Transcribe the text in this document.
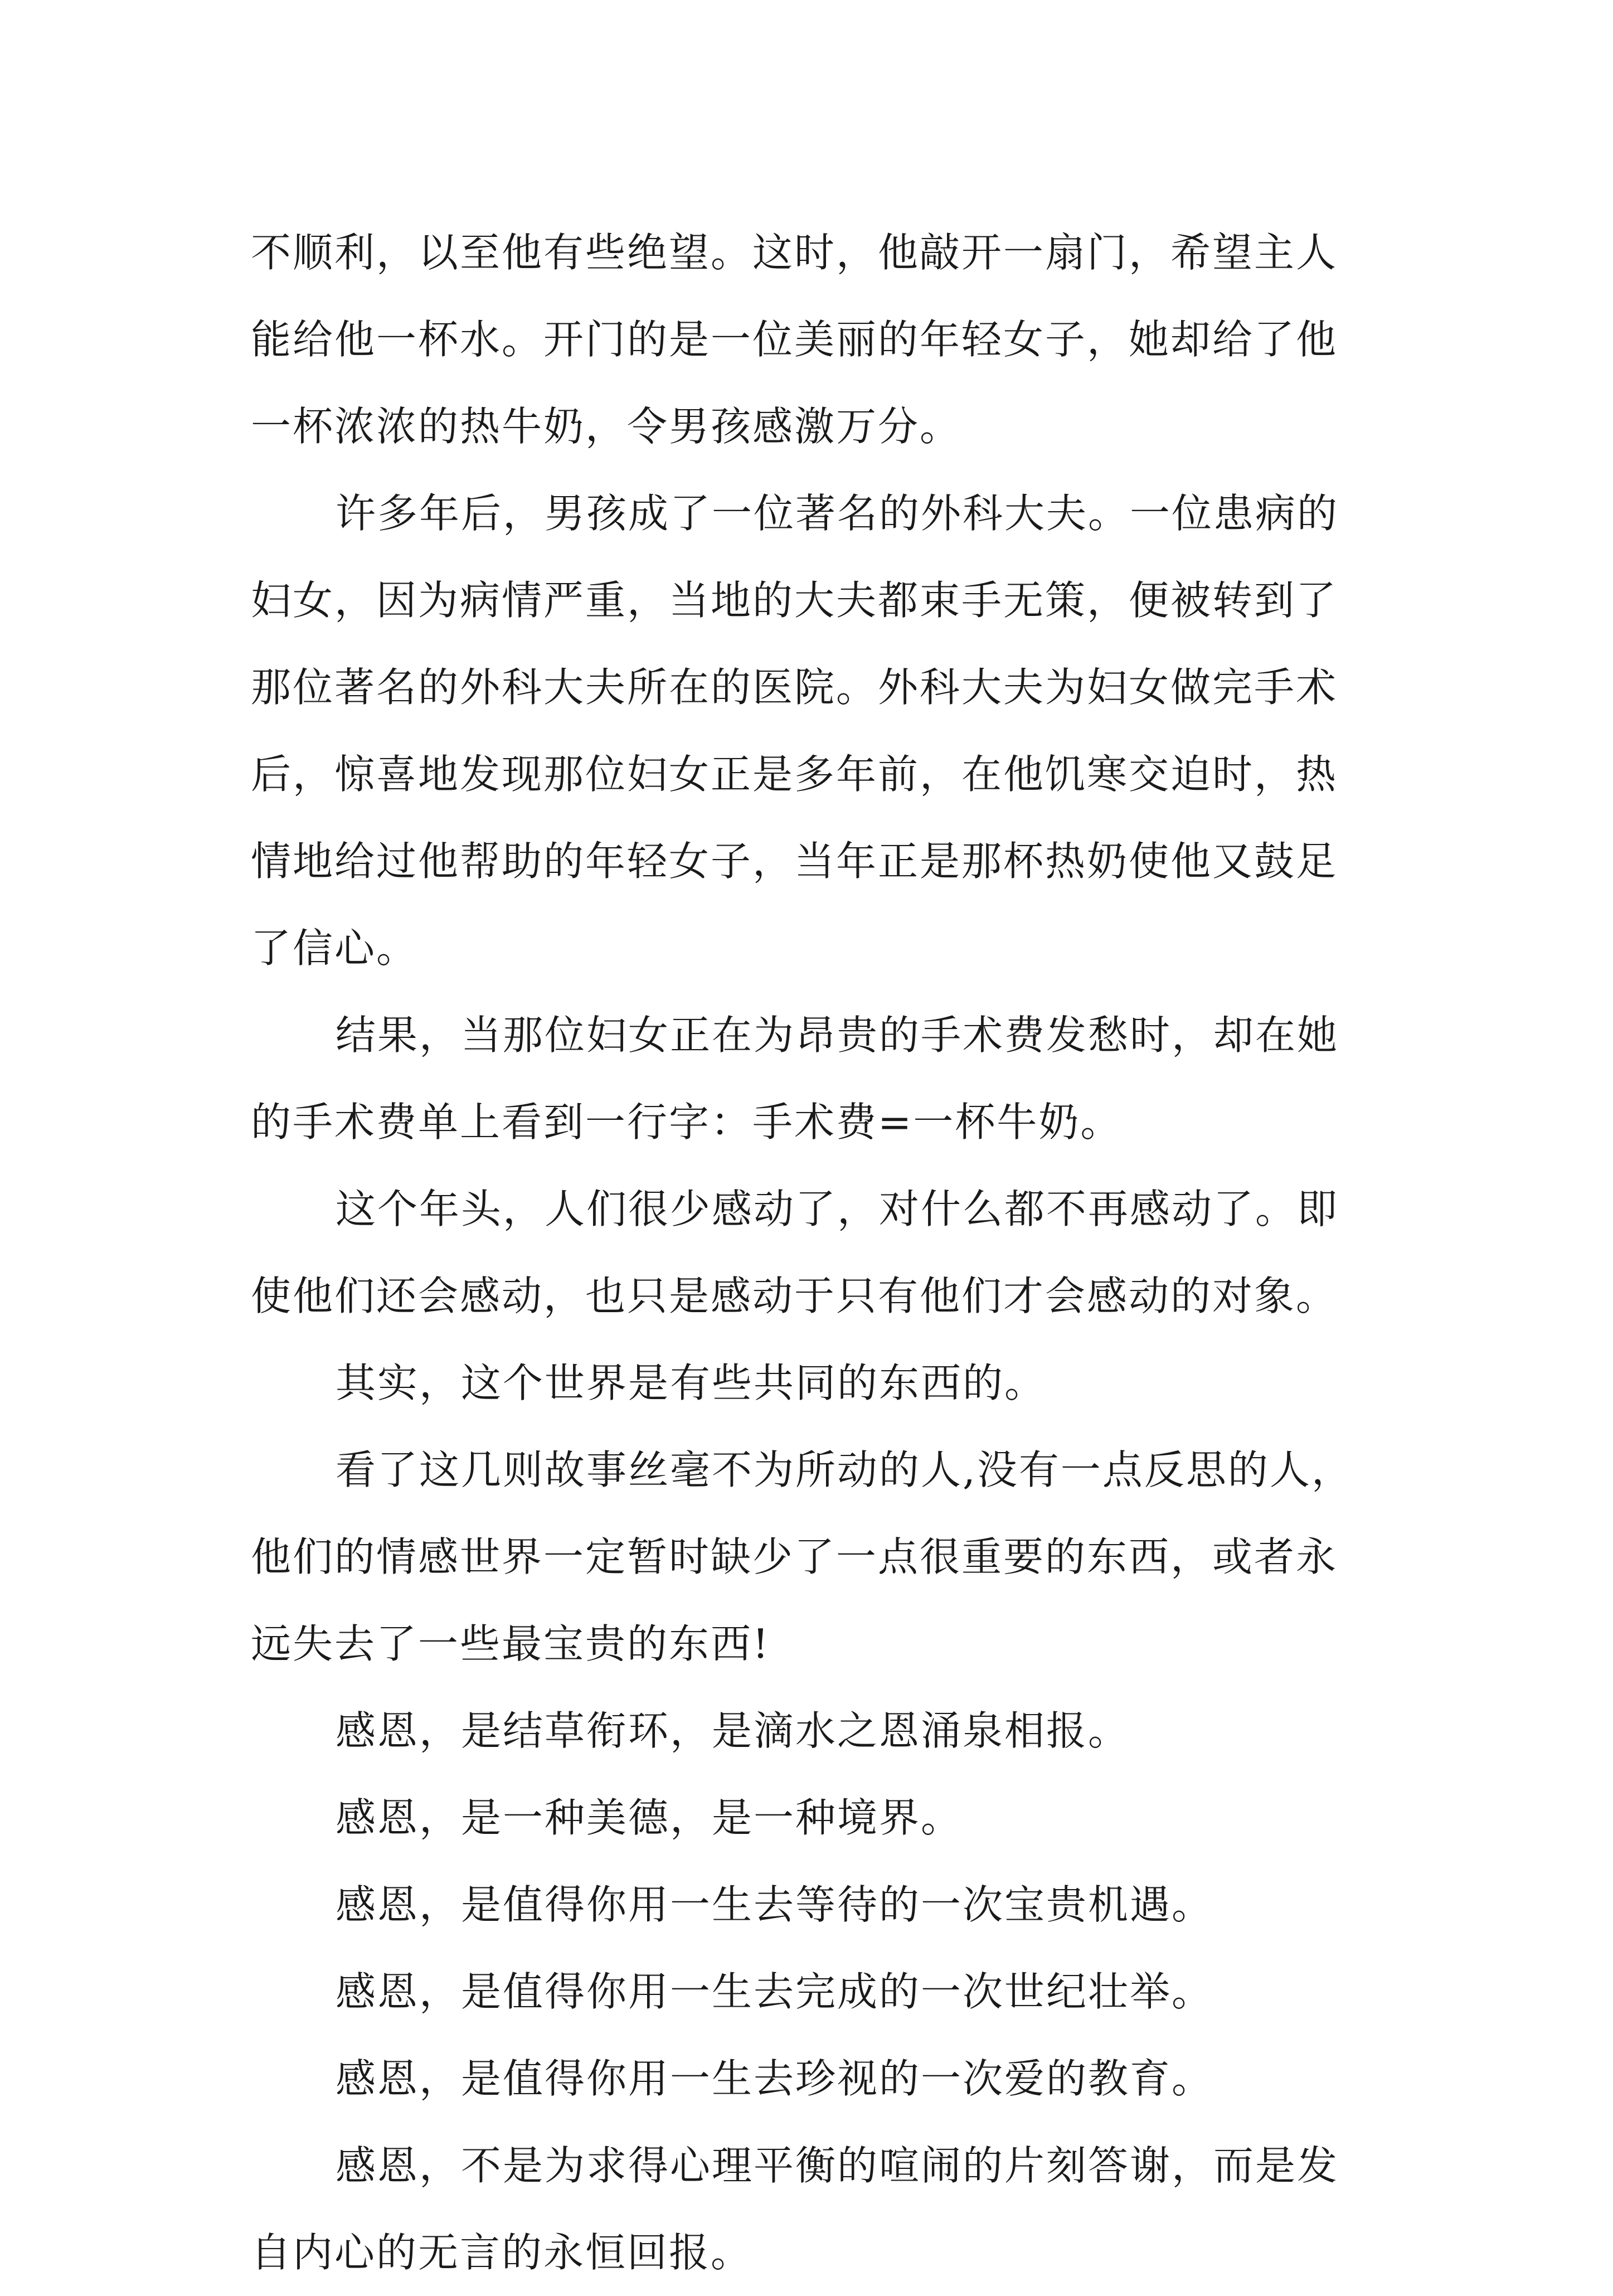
不顺利，以至他有些绝望。这时，他敲开一扇门，希望主人
能给他一杯水。开门的是一位美丽的年轻女子，她却给了他
一杯浓浓的热牛奶，令男孩感激万分。
许多年后，男孩成了一位著名的外科大夫。一位患病的
妇女，因为病情严重，当地的大夫都束手无策，便被转到了
那位著名的外科大夫所在的医院。外科大夫为妇女做完手术
后，惊喜地发现那位妇女正是多年前，在他饥寒交迫时，热
情地给过他帮助的年轻女子，当年正是那杯热奶使他又鼓足
了信心。
结果，当那位妇女正在为昂贵的手术费发愁时，却在她
的手术费单上看到一行字：手术费=一杯牛奶。
这个年头，人们很少感动了，对什么都不再感动了。即
使他们还会感动，也只是感动于只有他们才会感动的对象。
其实，这个世界是有些共同的东西的。
看了这几则故事丝毫不为所动的人,没有一点反思的人，
他们的情感世界一定暂时缺少了一点很重要的东西，或者永
远失去了一些最宝贵的东西!
感恩，是结草衔环，是滴水之恩涌泉相报。
感恩，是一种美德，是一种境界。
感恩，是值得你用一生去等待的一次宝贵机遇。
感恩，是值得你用一生去完成的一次世纪壮举。
感恩，是值得你用一生去珍视的一次爱的教育。
感恩，不是为求得心理平衡的喧闹的片刻答谢，而是发
自内心的无言的永恒回报。
